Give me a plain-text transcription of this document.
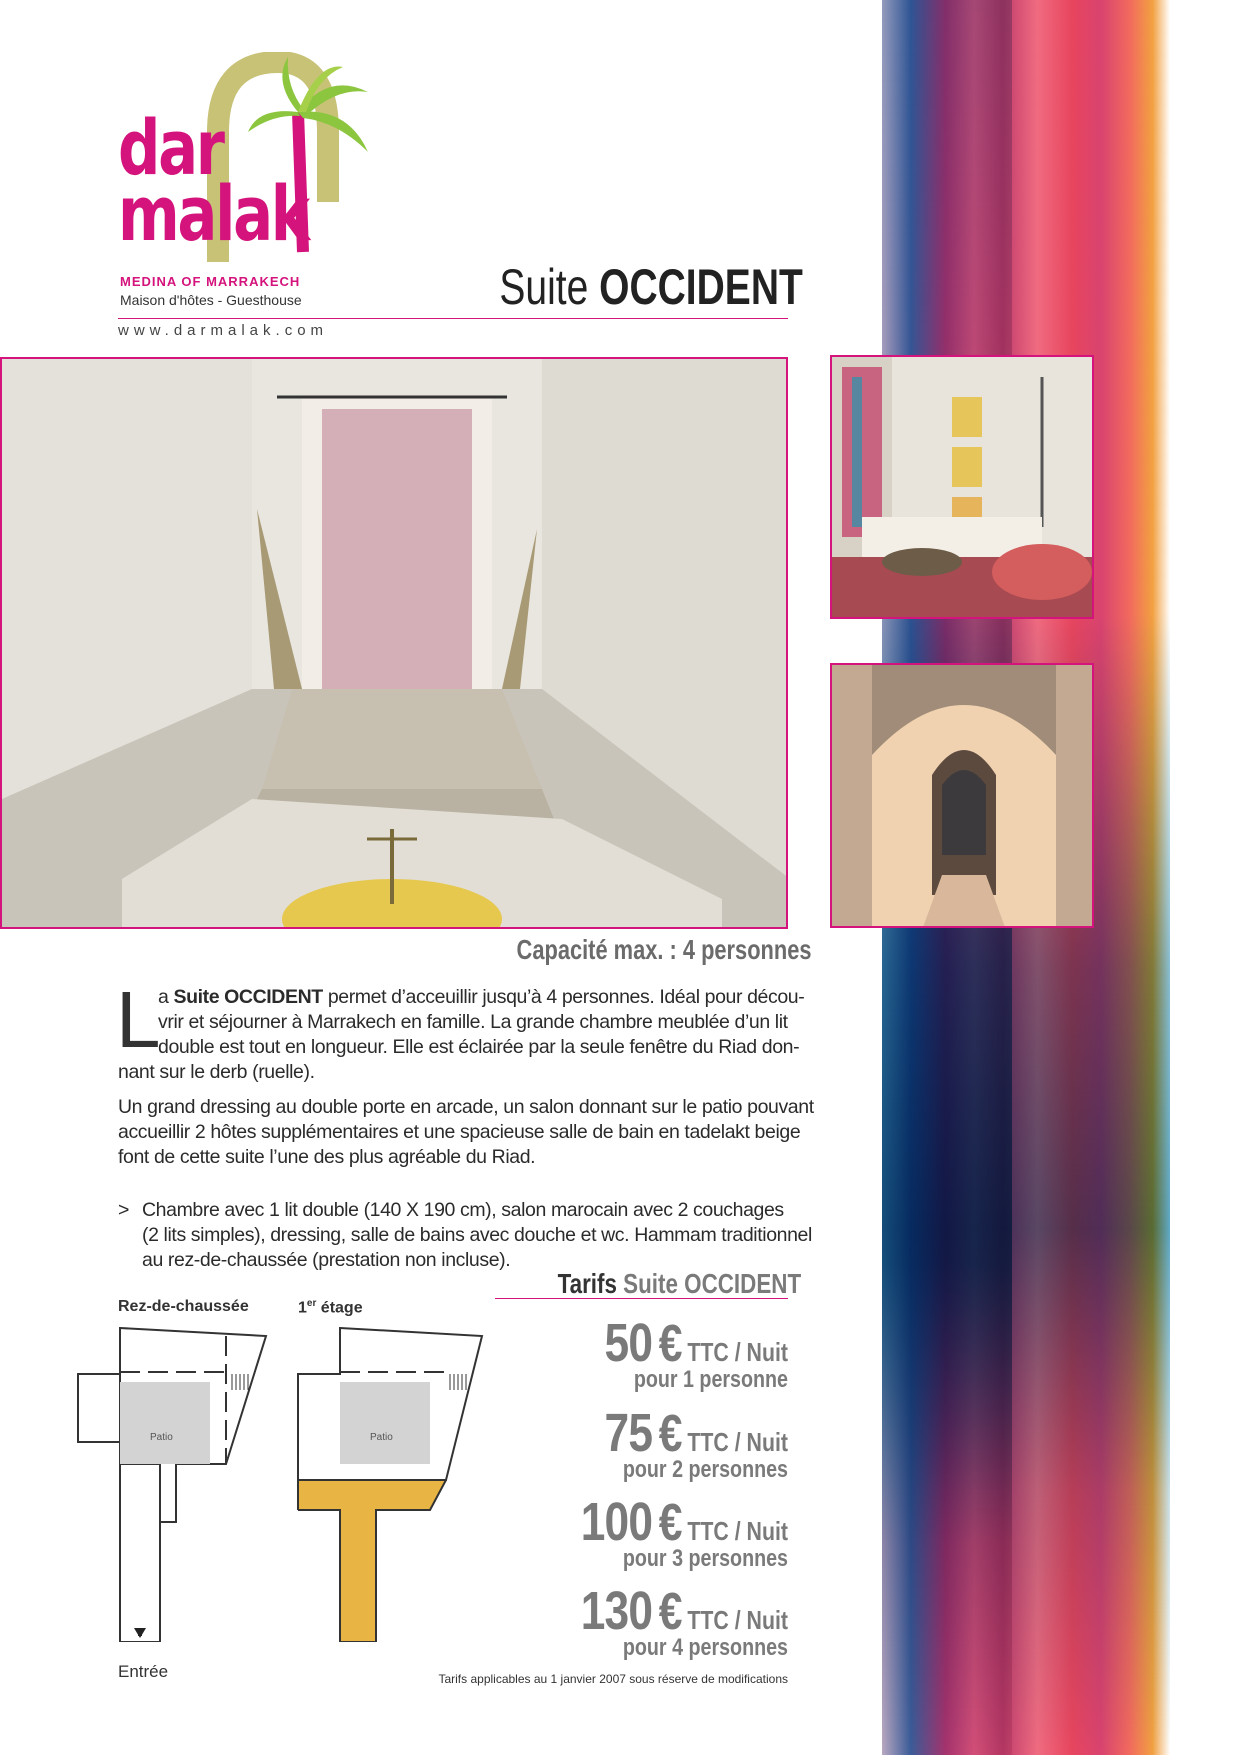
dar
malak
MEDINA OF MARRAKECH
Maison d'hôtes - Guesthouse
www.darmalak.com
Suite OCCIDENT
Capacité max. : 4 personnes
L
a Suite OCCIDENT permet d’acceuillir jusqu’à 4 personnes. Idéal pour décou-
vrir et séjourner à Marrakech en famille. La grande chambre meublée d’un lit
double est tout en longueur. Elle est éclairée par la seule fenêtre du Riad don-
nant sur le derb (ruelle).
Un grand dressing au double porte en arcade, un salon donnant sur le patio pouvant
accueillir 2 hôtes supplémentaires et une spacieuse salle de bain en tadelakt beige
font de cette suite l’une des plus agréable du Riad.
> Chambre avec 1 lit double (140 X 190 cm), salon marocain avec 2 couchages
(2 lits simples), dressing, salle de bains avec douche et wc. Hammam traditionnel
au rez-de-chaussée (prestation non incluse).
Rez-de-chaussée	1er étage
Patio	Patio
Entrée
Tarifs Suite OCCIDENT
50 € TTC / Nuit
pour 1 personne
75 € TTC / Nuit
pour 2 personnes
100 € TTC / Nuit
pour 3 personnes
130 € TTC / Nuit
pour 4 personnes
Tarifs applicables au 1 janvier 2007 sous réserve de modifications
